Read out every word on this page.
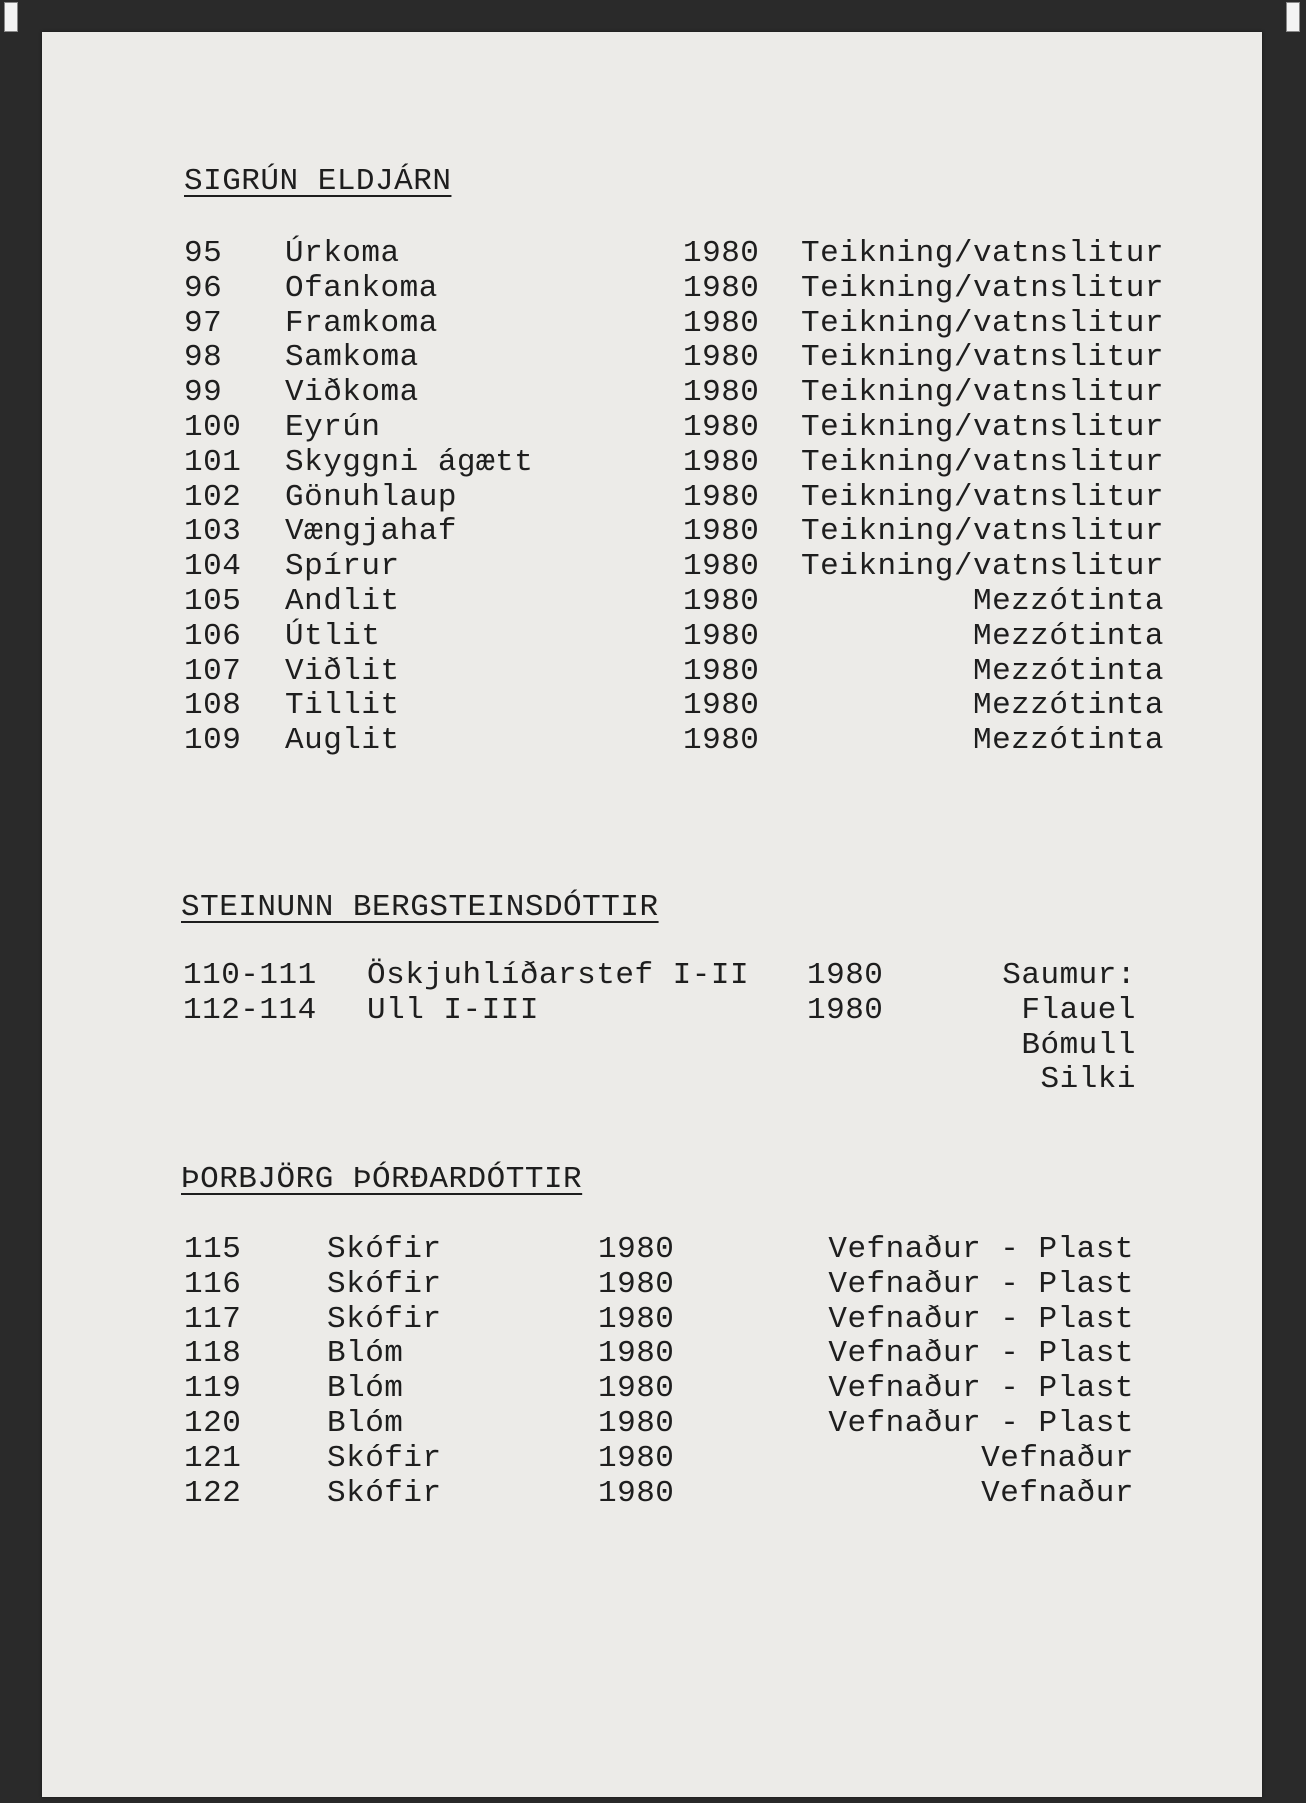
SIGRÚN ELDJÁRN
95 Úrkoma	1980 Teikning/vatnslitur
96 Ofankoma	1980 Teikning/vatnslitur
97 Framkoma	1980 Teikning/vatnslitur
98 Samkoma	1980 Teikning/vatnslitur
99 Viðkoma	1980 Teikning/vatnslitur
100 Eyrún	1980 Teikning/vatnslitur
101 Skyggni ágætt	1980 Teikning/vatnslitur
102 Gönuhlaup	1980 Teikning/vatnslitur
103 Vængjahaf	1980 Teikning/vatnslitur
104 Spírur	1980 Teikning/vatnslitur
105 Andlit	1980	Mezzótinta
106 Útlit	1980	Mezzótinta
107 Viðlit	1980	Mezzótinta
108 Tillit	1980	Mezzótinta
109 Auglit	1980	Mezzótinta
STEINUNN BERGSTEINSDÓTTIR
110-111 Öskjuhlíðarstef I-II 1980	Saumur:
112-114 Ull I-III	1980	Flauel
Bómull
Silki
ÞORBJÖRG ÞÓRÐARDÓTTIR
115	Skófir	1980	Vefnaður - Plast
116	Skófir	1980	Vefnaður - Plast
117	Skófir	1980	Vefnaður - Plast
118	Blóm	1980	Vefnaður - Plast
119	Blóm	1980	Vefnaður - Plast
120	Blóm	1980	Vefnaður - Plast
121	Skófir	1980	Vefnaður
122	Skófir	1980	Vefnaður
